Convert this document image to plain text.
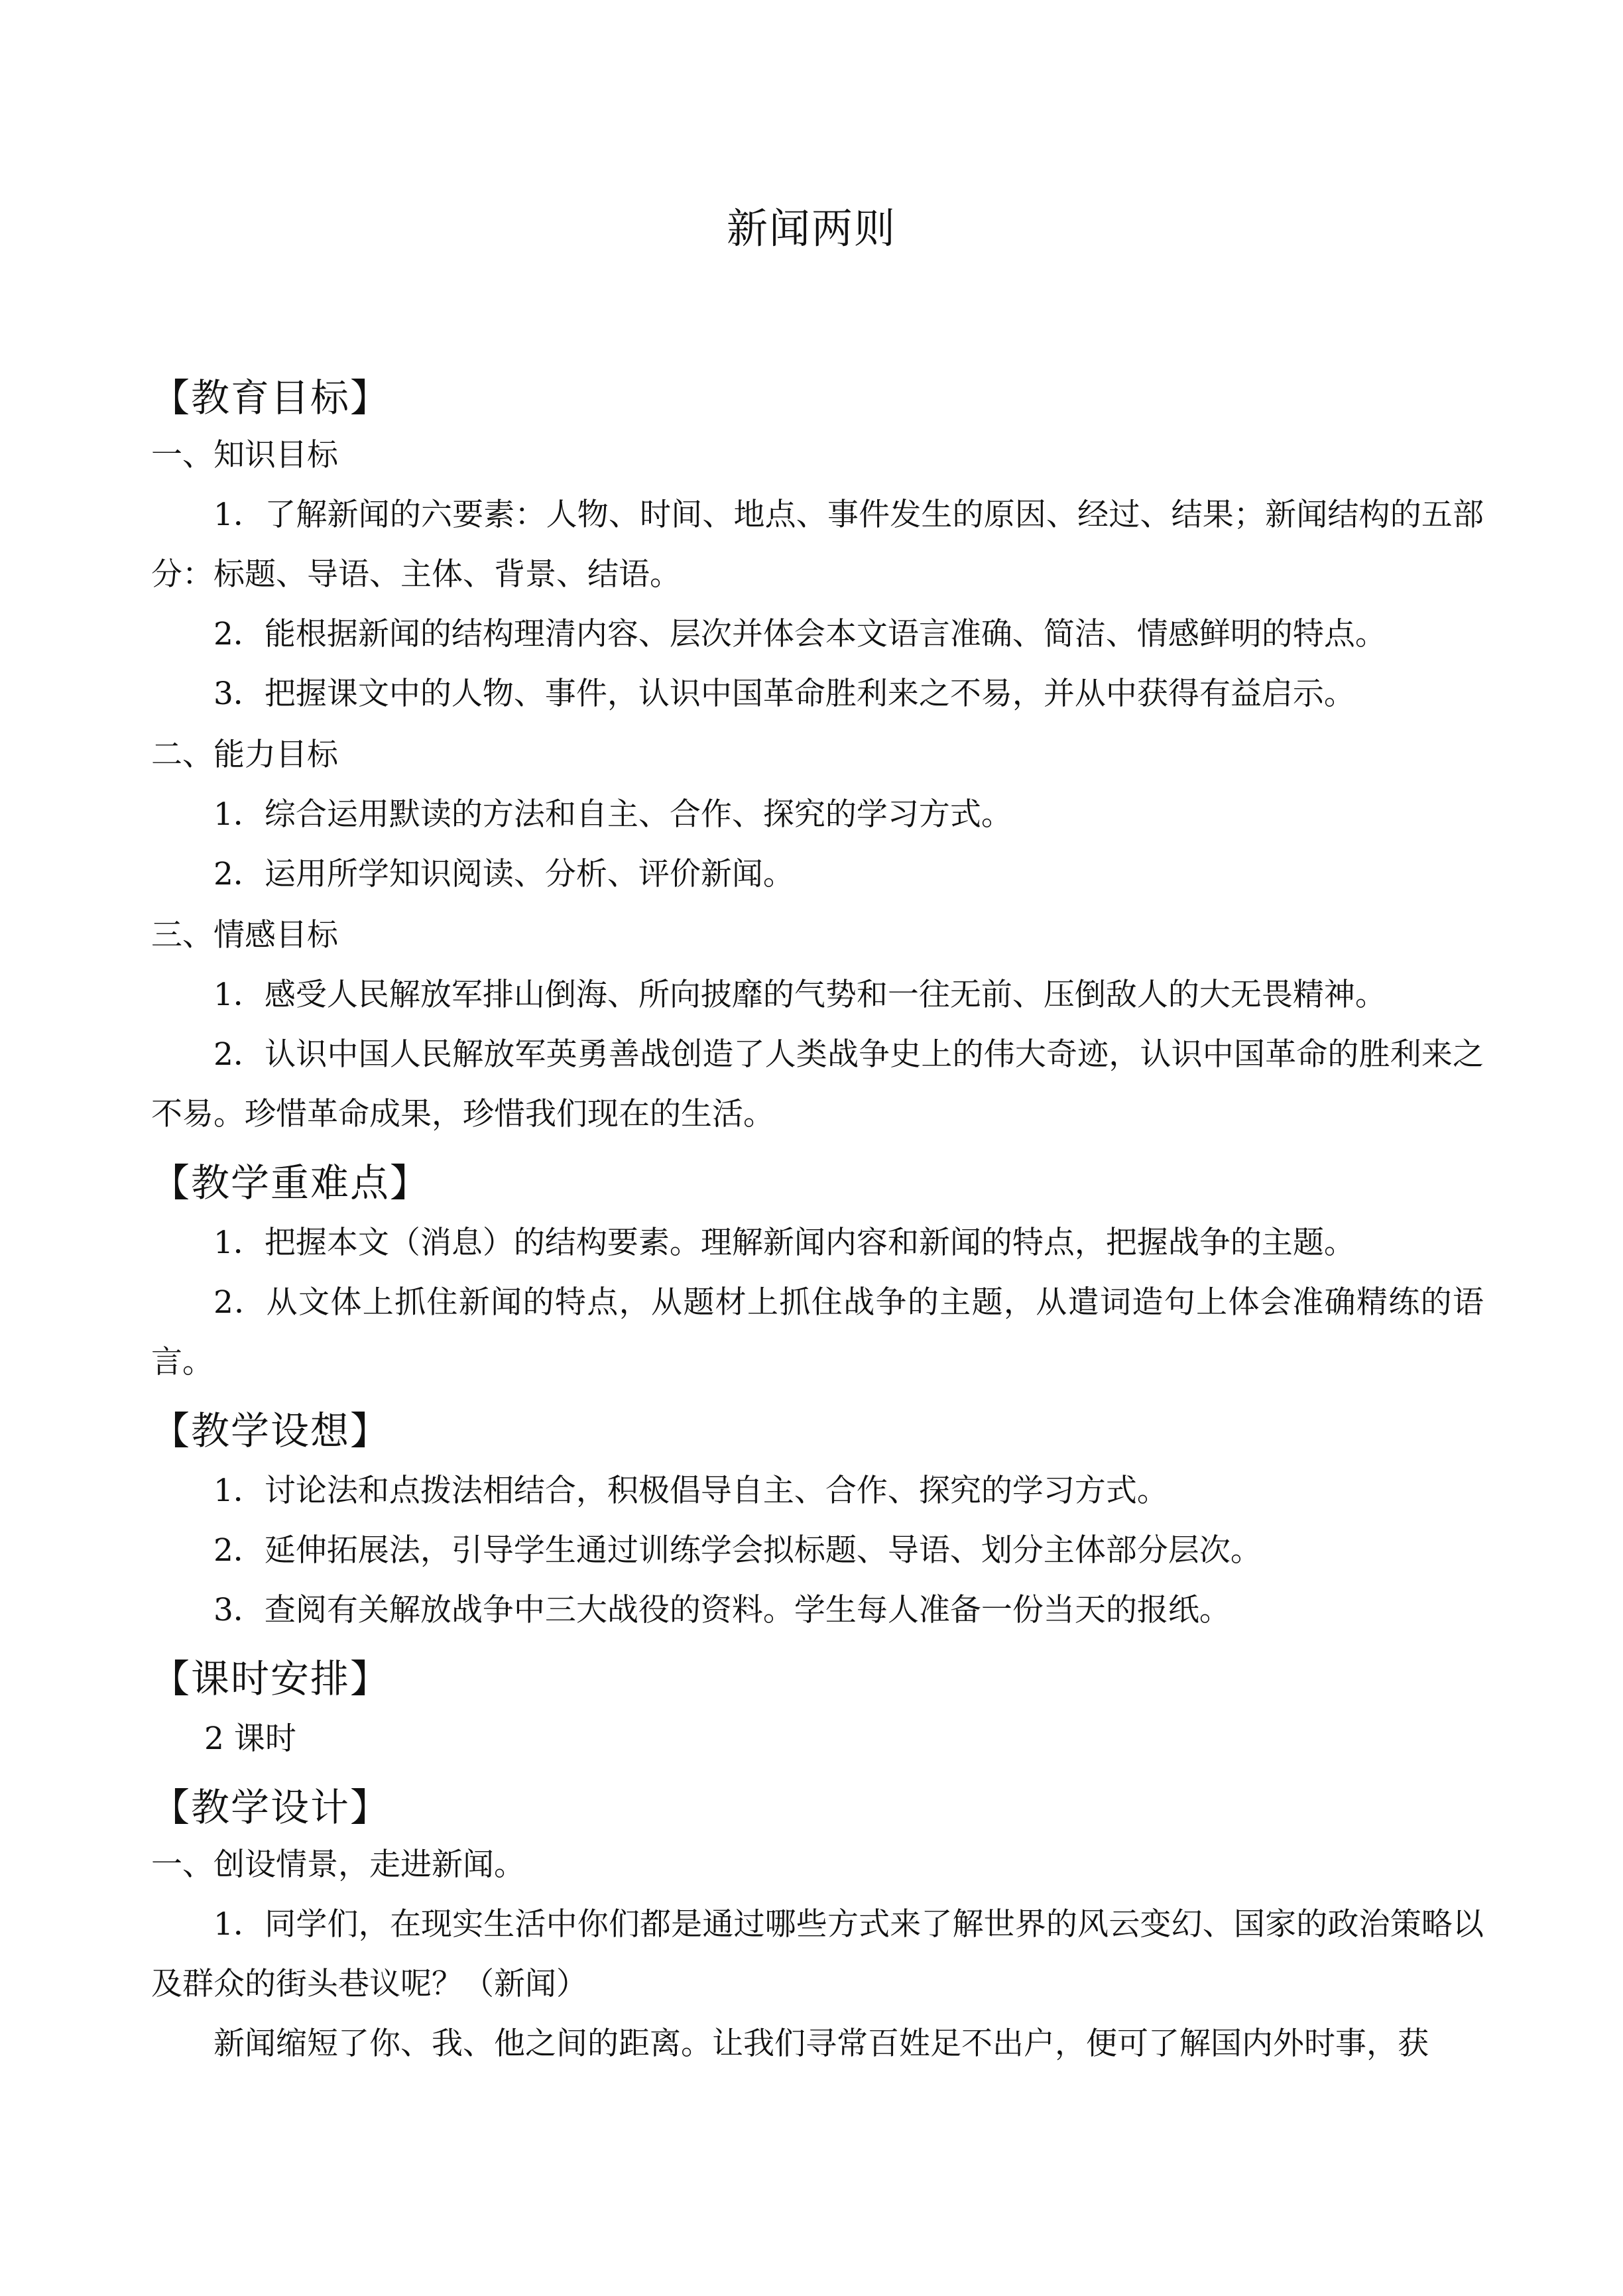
新闻两则
【教育目标】
一、知识目标

1．了解新闻的六要素：人物、时间、地点、事件发生的原因、经过、结果；新闻结构的五部分：标题、导语、主体、背景、结语。

2．能根据新闻的结构理清内容、层次并体会本文语言准确、简洁、情感鲜明的特点。

3．把握课文中的人物、事件，认识中国革命胜利来之不易，并从中获得有益启示。

二、能力目标

1．综合运用默读的方法和自主、合作、探究的学习方式。

2．运用所学知识阅读、分析、评价新闻。

三、情感目标

1．感受人民解放军排山倒海、所向披靡的气势和一往无前、压倒敌人的大无畏精神。

2．认识中国人民解放军英勇善战创造了人类战争史上的伟大奇迹，认识中国革命的胜利来之不易。珍惜革命成果，珍惜我们现在的生活。

【教学重难点】

1．把握本文（消息）的结构要素。理解新闻内容和新闻的特点，把握战争的主题。

2．从文体上抓住新闻的特点，从题材上抓住战争的主题，从遣词造句上体会准确精练的语言。

【教学设想】

1．讨论法和点拨法相结合，积极倡导自主、合作、探究的学习方式。

2．延伸拓展法，引导学生通过训练学会拟标题、导语、划分主体部分层次。

3．查阅有关解放战争中三大战役的资料。学生每人准备一份当天的报纸。

【课时安排】

2 课时

【教学设计】
一、创设情景，走进新闻。

1．同学们，在现实生活中你们都是通过哪些方式来了解世界的风云变幻、国家的政治策略以及群众的街头巷议呢？（新闻）

新闻缩短了你、我、他之间的距离。让我们寻常百姓足不出户，便可了解国内外时事，获
